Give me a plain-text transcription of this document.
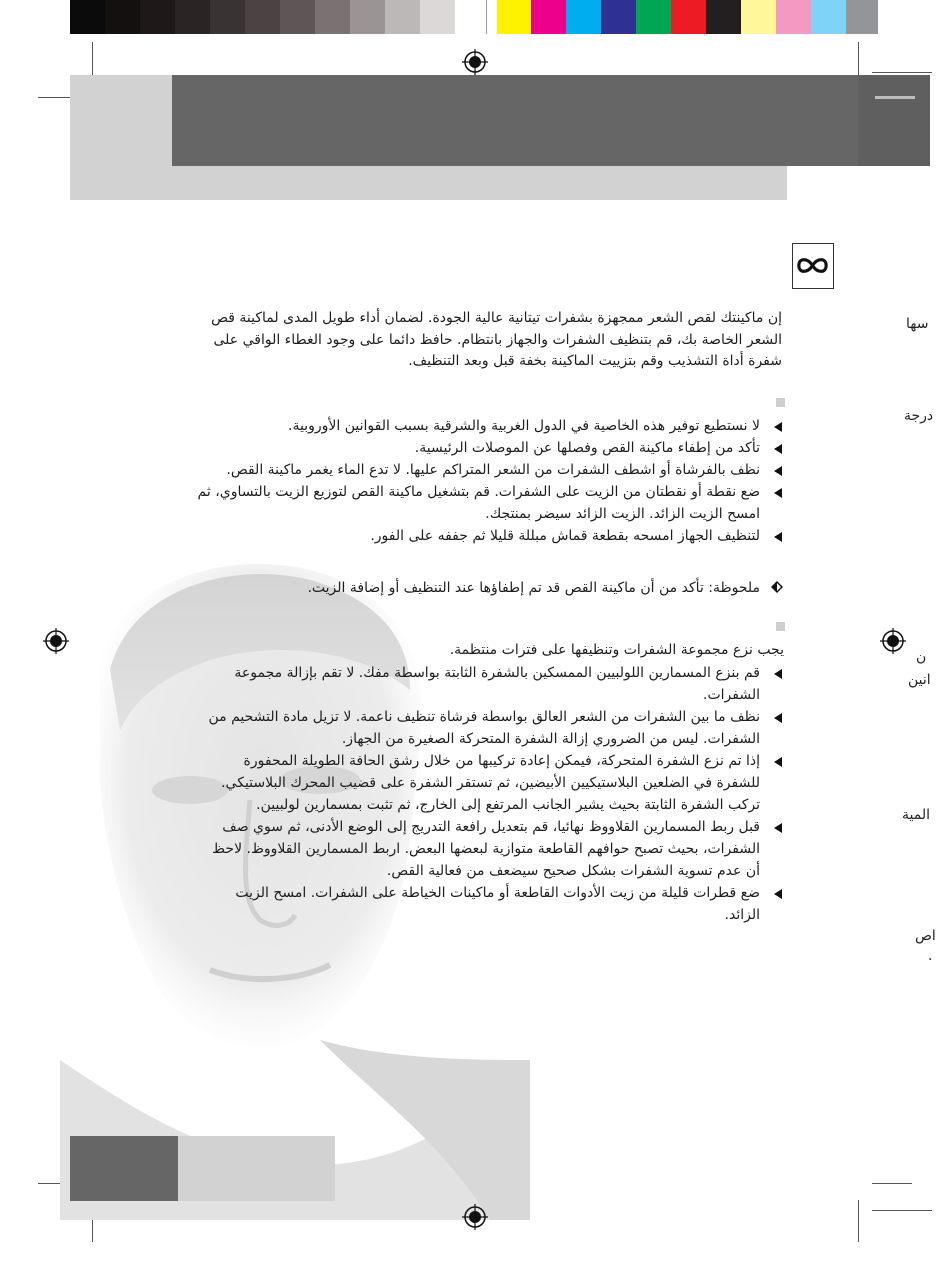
إن ماكينتك لقص الشعر ممجهزة بشفرات تيتانية عالية الجودة. لضمان أداء طويل المدى لماكينة قص
الشعر الخاصة بك، قم بتنظيف الشفرات والجهاز بانتظام. حافظ دائما على وجود الغطاء الواقي على
شفرة أداة التشذيب وقم بتزييت الماكينة بخفة قبل وبعد التنظيف.
لا نستطيع توفير هذه الخاصية في الدول الغربية والشرقية بسبب القوانين الأوروبية.
تأكد من إطفاء ماكينة القص وفصلها عن الموصلات الرئيسية.
نظف بالفرشاة أو اشطف الشفرات من الشعر المتراكم عليها. لا تدع الماء يغمر ماكينة القص.
ضع نقطة أو نقطتان من الزيت على الشفرات. قم بتشغيل ماكينة القص لتوزيع الزيت بالتساوي، ثم امسح الزيت الزائد. الزيت الزائد سيضر بمنتجك.
لتنظيف الجهاز امسحه بقطعة قماش مبللة قليلا ثم جففه على الفور.
ملحوظة: تأكد من أن ماكينة القص قد تم إطفاؤها عند التنظيف أو إضافة الزيت.
يجب نزع مجموعة الشفرات وتنظيفها على فترات منتظمة.
قم بنزع المسمارين اللولبيين الممسكين بالشفرة الثابتة بواسطة مفك. لا تقم بإزالة مجموعة الشفرات.
نظف ما بين الشفرات من الشعر العالق بواسطة فرشاة تنظيف ناعمة. لا تزيل مادة التشحيم من الشفرات. ليس من الضروري إزالة الشفرة المتحركة الصغيرة من الجهاز.
إذا تم نزع الشفرة المتحركة، فيمكن إعادة تركيبها من خلال رشق الحافة الطويلة المحفورة للشفرة في الضلعين البلاستيكيين الأبيضين، ثم تستقر الشفرة على قضيب المحرك البلاستيكي. تركب الشفرة الثابتة بحيث يشير الجانب المرتفع إلى الخارج، ثم تثبت بمسمارين لولبيين.
قبل ربط المسمارين القلاووظ نهائيا، قم بتعديل رافعة التدريج إلى الوضع الأدنى، ثم سوي صف الشفرات، بحيث تصبح حوافهم القاطعة متوازية لبعضها البعض. اربط المسمارين القلاووظ. لاحظ أن عدم تسوية الشفرات بشكل صحيح سيضعف من فعالية القص.
ضع قطرات قليلة من زيت الأدوات القاطعة أو ماكينات الخياطة على الشفرات. امسح الزيت الزائد.
سها
درجة
ن
انين
المية
اص
.
